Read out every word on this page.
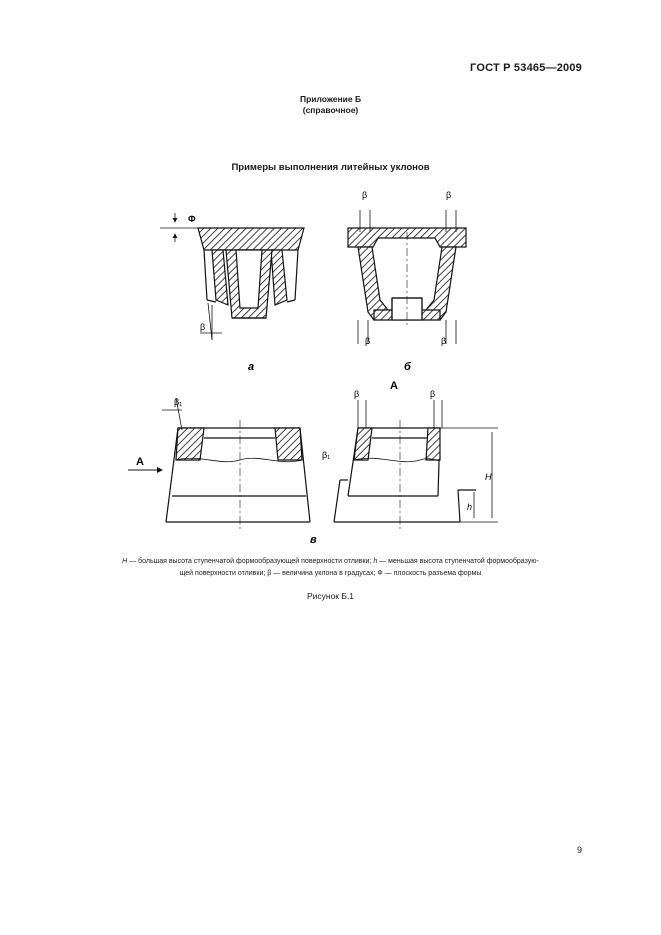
ГОСТ Р 53465—2009
Приложение Б
(справочное)
Примеры выполнения литейных уклонов
Ф
β
β	β
β	β
а	б
А
β₁
А
β	β
β₁
H
h
в
H — большая высота ступенчатой формообразующей поверхности отливки; h — меньшая высота ступенчатой формообразую-
щей поверхности отливки; β — величина уклона в градусах; Ф — плоскость разъема формы
Рисунок Б.1
9
